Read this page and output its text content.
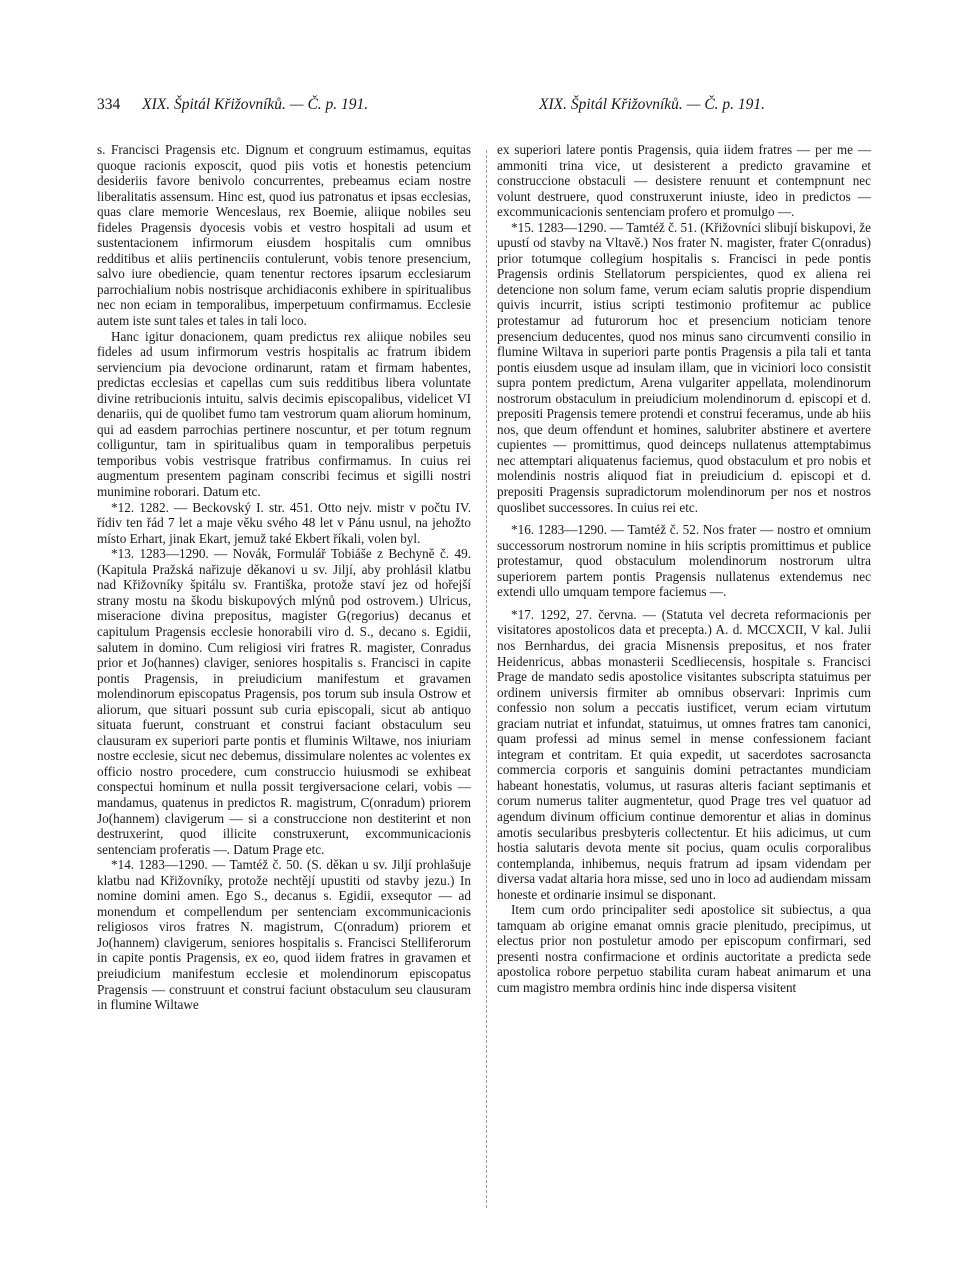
334 XIX. Špitál Křižovníků. — Č. p. 191.	XIX. Špitál Křižovníků. — Č. p. 191.

s. Francisci Pragensis etc. Dignum et congruum estimamus, equitas quoque racionis exposcit, quod piis votis et honestis petencium desideriis favore benivolo concurrentes, prebeamus eciam nostre liberalitatis assensum. Hinc est, quod ius patronatus et ipsas ecclesias, quas clare memorie Wenceslaus, rex Boemie, aliique nobiles seu fideles Pragensis dyocesis vobis et vestro hospitali ad usum et sustentacionem infirmorum eiusdem hospitalis cum omnibus redditibus et aliis pertinenciis contulerunt, vobis tenore presencium, salvo iure obediencie, quam tenentur rectores ipsarum ecclesiarum parrochialium nobis nostrisque archidiaconis exhibere in spiritualibus nec non eciam in temporalibus, imperpetuum confirmamus. Ecclesie autem iste sunt tales et tales in tali loco.

Hanc igitur donacionem, quam predictus rex aliique nobiles seu fideles ad usum infirmorum vestris hospitalis ac fratrum ibidem serviencium pia devocione ordinarunt, ratam et firmam habentes, predictas ecclesias et capellas cum suis redditibus libera voluntate divine retribucionis intuitu, salvis decimis episcopalibus, videlicet VI denariis, qui de quolibet fumo tam vestrorum quam aliorum hominum, qui ad easdem parrochias pertinere noscuntur, et per totum regnum colliguntur, tam in spiritualibus quam in temporalibus perpetuis temporibus vobis vestrisque fratribus confirmamus. In cuius rei augmentum presentem paginam conscribi fecimus et sigilli nostri munimine roborari. Datum etc.

*12. 1282. — Beckovský I. str. 451. Otto nejv. mistr v počtu IV. řídiv ten řád 7 let a maje věku svého 48 let v Pánu usnul, na jehožto místo Erhart, jinak Ekart, jemuž také Ekbert říkali, volen byl.

*13. 1283—1290. — Novák, Formulář Tobiáše z Bechyně č. 49. (Kapitula Pražská nařizuje děkanovi u sv. Jiljí, aby prohlásil klatbu nad Křižovníky špitálu sv. Františka, protože staví jez od hořejší strany mostu na škodu biskupových mlýnů pod ostrovem.) Ulricus, miseracione divina prepositus, magister G(regorius) decanus et capitulum Pragensis ecclesie honorabili viro d. S., decano s. Egidii, salutem in domino. Cum religiosi viri fratres R. magister, Conradus prior et Jo(hannes) claviger, seniores hospitalis s. Francisci in capite pontis Pragensis, in preiudicium manifestum et gravamen molendinorum episcopatus Pragensis, pos torum sub insula Ostrow et aliorum, que situari possunt sub curia episcopali, sicut ab antiquo situata fuerunt, construant et construi faciant obstaculum seu clausuram ex superiori parte pontis et fluminis Wiltawe, nos iniuriam nostre ecclesie, sicut nec debemus, dissimulare nolentes ac volentes ex officio nostro procedere, cum construccio huiusmodi se exhibeat conspectui hominum et nulla possit tergiversacione celari, vobis — mandamus, quatenus in predictos R. magistrum, C(onradum) priorem Jo(hannem) clavigerum — si a construccione non destiterint et non destruxerint, quod illicite construxerunt, excommunicacionis sentenciam proferatis —. Datum Prage etc.

*14. 1283—1290. — Tamtéž č. 50. (S. děkan u sv. Jiljí prohlašuje klatbu nad Křižovníky, protože nechtějí upustiti od stavby jezu.) In nomine domini amen. Ego S., decanus s. Egidii, exsequtor — ad monendum et compellendum per sentenciam excommunicacionis religiosos viros fratres N. magistrum, C(onradum) priorem et Jo(hannem) clavigerum, seniores hospitalis s. Francisci Stelliferorum in capite pontis Pragensis, ex eo, quod iidem fratres in gravamen et preiudicium manifestum ecclesie et molendinorum episcopatus Pragensis — construunt et construi faciunt obstaculum seu clausuram in flumine Wiltawe

ex superiori latere pontis Pragensis, quia iidem fratres — per me — ammoniti trina vice, ut desisterent a predicto gravamine et construccione obstaculi — desistere renuunt et contempnunt nec volunt destruere, quod construxerunt iniuste, ideo in predictos — excommunicacionis sentenciam profero et promulgo —.

*15. 1283—1290. — Tamtéž č. 51. (Křižovníci slibují biskupovi, že upustí od stavby na Vltavě.) Nos frater N. magister, frater C(onradus) prior totumque collegium hospitalis s. Francisci in pede pontis Pragensis ordinis Stellatorum perspicientes, quod ex aliena rei detencione non solum fame, verum eciam salutis proprie dispendium quivis incurrit, istius scripti testimonio profitemur ac publice protestamur ad futurorum hoc et presencium noticiam tenore presencium deducentes, quod nos minus sano circumventi consilio in flumine Wiltava in superiori parte pontis Pragensis a pila tali et tanta pontis eiusdem usque ad insulam illam, que in viciniori loco consistit supra pontem predictum, Arena vulgariter appellata, molendinorum nostrorum obstaculum in preiudicium molendinorum d. episcopi et d. prepositi Pragensis temere protendi et construi feceramus, unde ab hiis nos, que deum offendunt et homines, salubriter abstinere et avertere cupientes — promittimus, quod deinceps nullatenus attemptabimus nec attemptari aliquatenus faciemus, quod obstaculum et pro nobis et molendinis nostris aliquod fiat in preiudicium d. episcopi et d. prepositi Pragensis supradictorum molendinorum per nos et nostros quoslibet successores. In cuius rei etc.

*16. 1283—1290. — Tamtéž č. 52. Nos frater — nostro et omnium successorum nostrorum nomine in hiis scriptis promittimus et publice protestamur, quod obstaculum molendinorum nostrorum ultra superiorem partem pontis Pragensis nullatenus extendemus nec extendi ullo umquam tempore faciemus —.

*17. 1292, 27. června. — (Statuta vel decreta reformacionis per visitatores apostolicos data et precepta.) A. d. MCCXCII, V kal. Julii nos Bernhardus, dei gracia Misnensis prepositus, et nos frater Heidenricus, abbas monasterii Scedliecensis, hospitale s. Francisci Prage de mandato sedis apostolice visitantes subscripta statuimus per ordinem universis firmiter ab omnibus observari: Inprimis cum confessio non solum a peccatis iustificet, verum eciam virtutum graciam nutriat et infundat, statuimus, ut omnes fratres tam canonici, quam professi ad minus semel in mense confessionem faciant integram et contritam. Et quia expedit, ut sacerdotes sacrosancta commercia corporis et sanguinis domini petractantes mundiciam habeant honestatis, volumus, ut rasuras alteris faciant septimanis et corum numerus taliter augmentetur, quod Prage tres vel quatuor ad agendum divinum officium continue demorentur et alias in dominus amotis secularibus presbyteris collectentur. Et hiis adicimus, ut cum hostia salutaris devota mente sit pocius, quam oculis corporalibus contemplanda, inhibemus, nequis fratrum ad ipsam videndam per diversa vadat altaria hora misse, sed uno in loco ad audiendam missam honeste et ordinarie insimul se disponant.

Item cum ordo principaliter sedi apostolice sit subiectus, a qua tamquam ab origine emanat omnis gracie plenitudo, precipimus, ut electus prior non postuletur amodo per episcopum confirmari, sed presenti nostra confirmacione et ordinis auctoritate a predicta sede apostolica robore perpetuo stabilita curam habeat animarum et una cum magistro membra ordinis hinc inde dispersa visitent
